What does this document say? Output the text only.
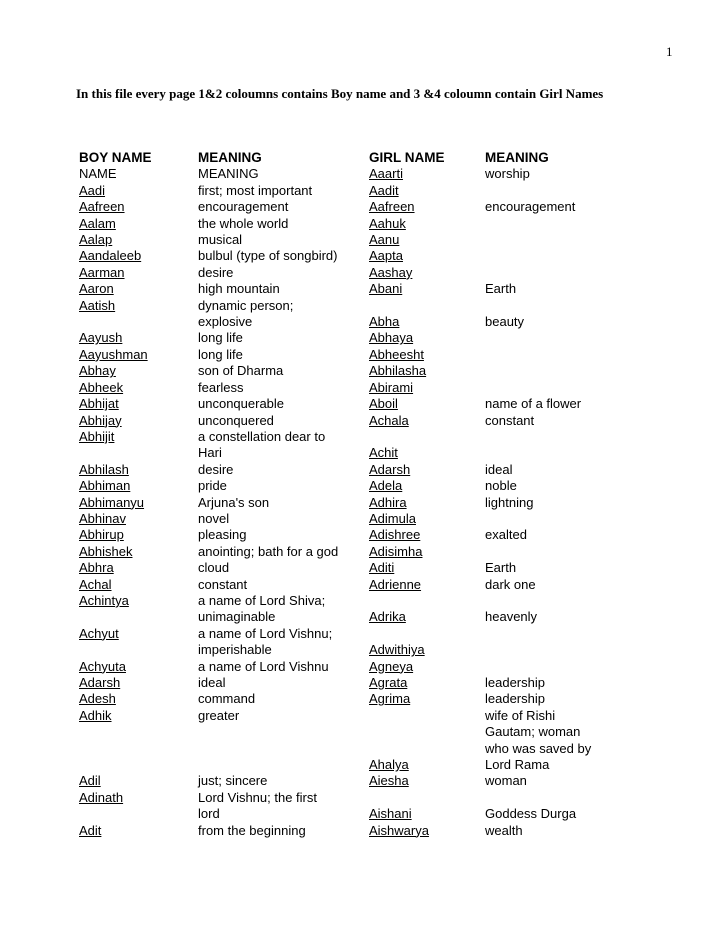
1
In this file every page 1&2 coloumns contains Boy name and 3 &4 coloumn contain Girl Names
BOY NAME	MEANING	GIRL NAME	MEANING
NAME	MEANING	Aaarti	worship
Aadi	first; most important	Aadit	
Aafreen	encouragement	Aafreen	encouragement
Aalam	the whole world	Aahuk	
Aalap	musical	Aanu	
Aandaleeb	bulbul (type of songbird)	Aapta	
Aarman	desire	Aashay	
Aaron	high mountain	Abani	Earth
Aatish	dynamic person;		
	explosive	Abha	beauty
Aayush	long life	Abhaya	
Aayushman	long life	Abheesht	
Abhay	son of Dharma	Abhilasha	
Abheek	fearless	Abirami	
Abhijat	unconquerable	Aboil	name of a flower
Abhijay	unconquered	Achala	constant
Abhijit	a constellation dear to		
	Hari	Achit	
Abhilash	desire	Adarsh	ideal
Abhiman	pride	Adela	noble
Abhimanyu	Arjuna's son	Adhira	lightning
Abhinav	novel	Adimula	
Abhirup	pleasing	Adishree	exalted
Abhishek	anointing; bath for a god	Adisimha	
Abhra	cloud	Aditi	Earth
Achal	constant	Adrienne	dark one
Achintya	a name of Lord Shiva;		
	unimaginable	Adrika	heavenly
Achyut	a name of Lord Vishnu;		
	imperishable	Adwithiya	
Achyuta	a name of Lord Vishnu	Agneya	
Adarsh	ideal	Agrata	leadership
Adesh	command	Agrima	leadership
Adhik	greater		wife of Rishi
			Gautam; woman
			who was saved by
		Ahalya	Lord Rama
Adil	just; sincere	Aiesha	woman
Adinath	Lord Vishnu; the first		
	lord	Aishani	Goddess Durga
Adit	from the beginning	Aishwarya	wealth
